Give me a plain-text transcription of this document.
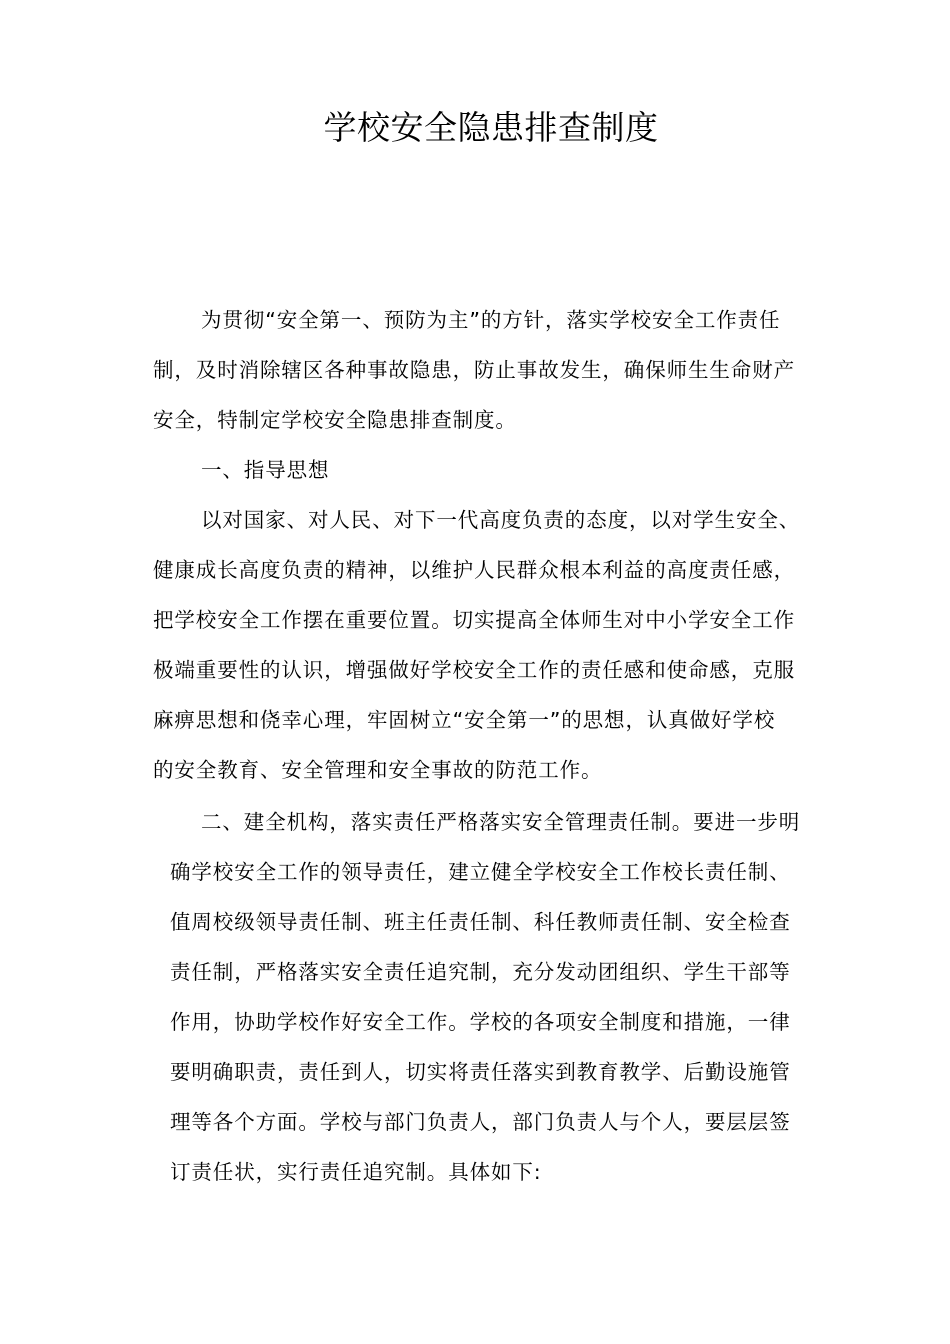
学校安全隐患排查制度
为贯彻“安全第一、预防为主”的方针，落实学校安全工作责任
制，及时消除辖区各种事故隐患，防止事故发生，确保师生生命财产
安全，特制定学校安全隐患排查制度。
一、指导思想
以对国家、对人民、对下一代高度负责的态度，以对学生安全、
健康成长高度负责的精神，以维护人民群众根本利益的高度责任感，
把学校安全工作摆在重要位置。切实提高全体师生对中小学安全工作
极端重要性的认识，增强做好学校安全工作的责任感和使命感，克服
麻痹思想和侥幸心理，牢固树立“安全第一”的思想，认真做好学校
的安全教育、安全管理和安全事故的防范工作。
二、建全机构，落实责任严格落实安全管理责任制。要进一步明
确学校安全工作的领导责任，建立健全学校安全工作校长责任制、
值周校级领导责任制、班主任责任制、科任教师责任制、安全检查
责任制，严格落实安全责任追究制，充分发动团组织、学生干部等
作用，协助学校作好安全工作。学校的各项安全制度和措施，一律
要明确职责，责任到人，切实将责任落实到教育教学、后勤设施管
理等各个方面。学校与部门负责人，部门负责人与个人，要层层签
订责任状，实行责任追究制。具体如下:
